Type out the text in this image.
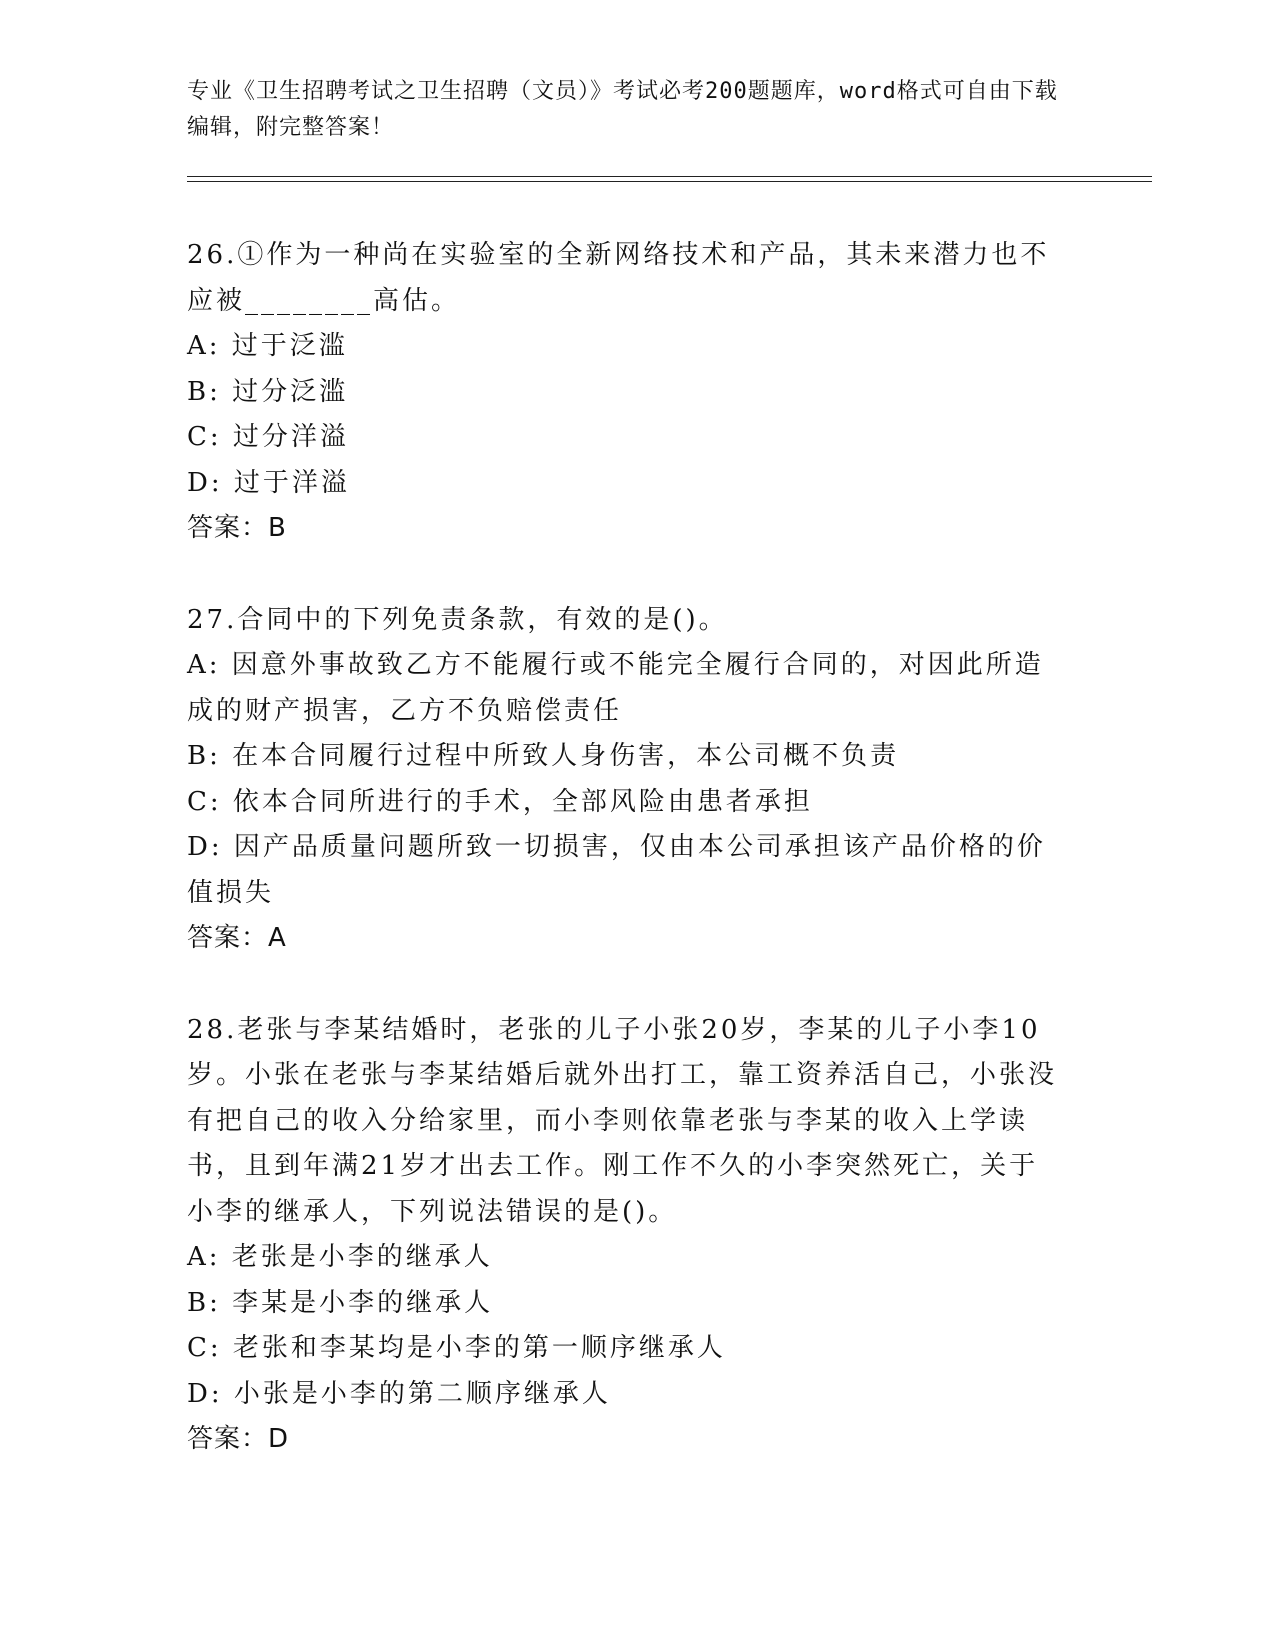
专业《卫生招聘考试之卫生招聘（文员）》考试必考200题题库，word格式可自由下载编辑，附完整答案！
26.①作为一种尚在实验室的全新网络技术和产品，其未来潜力也不应被________高估。
A: 过于泛滥
B: 过分泛滥
C: 过分洋溢
D: 过于洋溢
答案：B
27.合同中的下列免责条款，有效的是()。
A: 因意外事故致乙方不能履行或不能完全履行合同的，对因此所造成的财产损害，乙方不负赔偿责任
B: 在本合同履行过程中所致人身伤害，本公司概不负责
C: 依本合同所进行的手术，全部风险由患者承担
D: 因产品质量问题所致一切损害，仅由本公司承担该产品价格的价值损失
答案：A
28.老张与李某结婚时，老张的儿子小张20岁，李某的儿子小李10岁。小张在老张与李某结婚后就外出打工，靠工资养活自己，小张没有把自己的收入分给家里，而小李则依靠老张与李某的收入上学读书，且到年满21岁才出去工作。刚工作不久的小李突然死亡，关于小李的继承人，下列说法错误的是()。
A: 老张是小李的继承人
B: 李某是小李的继承人
C: 老张和李某均是小李的第一顺序继承人
D: 小张是小李的第二顺序继承人
答案：D
